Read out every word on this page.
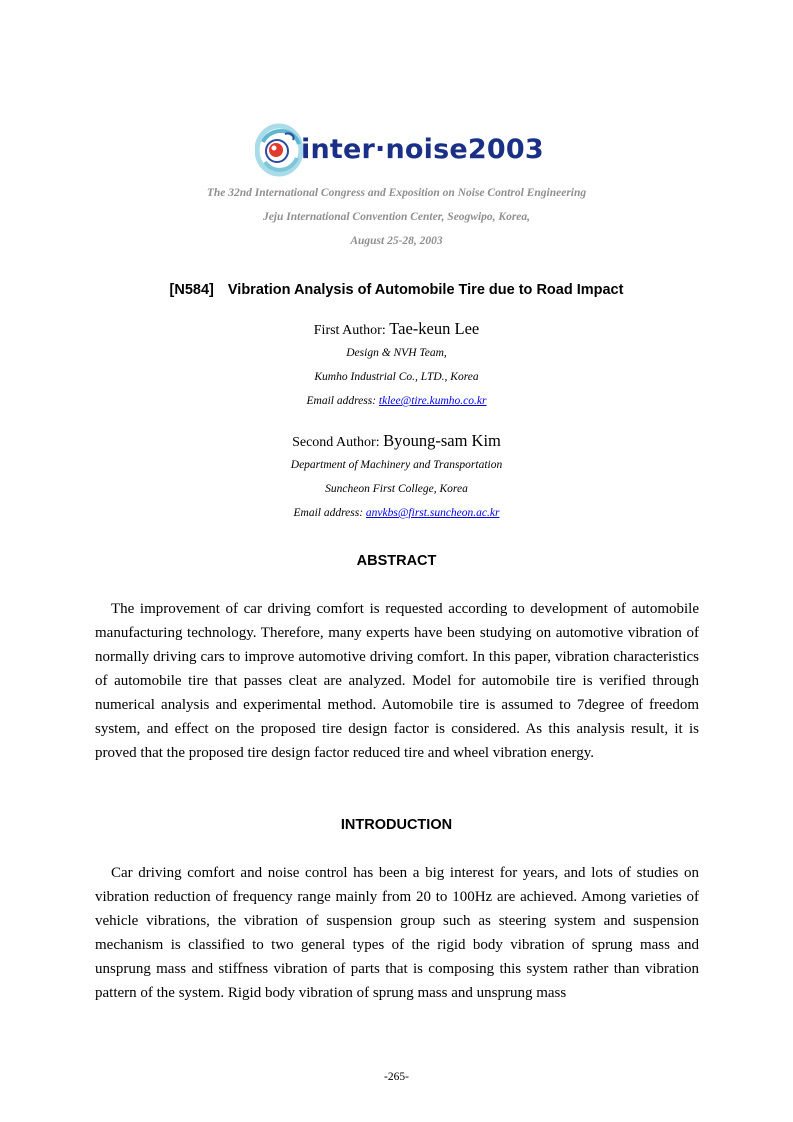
inter·noise2003
The 32nd International Congress and Exposition on Noise Control Engineering
Jeju International Convention Center, Seogwipo, Korea,
August 25-28, 2003
[N584] Vibration Analysis of Automobile Tire due to Road Impact
First Author: Tae-keun Lee
Design & NVH Team,
Kumho Industrial Co., LTD., Korea
Email address: tklee@tire.kumho.co.kr
Second Author: Byoung-sam Kim
Department of Machinery and Transportation
Suncheon First College, Korea
Email address: anvkbs@first.suncheon.ac.kr
ABSTRACT
The improvement of car driving comfort is requested according to development of automobile manufacturing technology. Therefore, many experts have been studying on automotive vibration of normally driving cars to improve automotive driving comfort. In this paper, vibration characteristics of automobile tire that passes cleat are analyzed. Model for automobile tire is verified through numerical analysis and experimental method. Automobile tire is assumed to 7degree of freedom system, and effect on the proposed tire design factor is considered. As this analysis result, it is proved that the proposed tire design factor reduced tire and wheel vibration energy.
INTRODUCTION
Car driving comfort and noise control has been a big interest for years, and lots of studies on vibration reduction of frequency range mainly from 20 to 100Hz are achieved. Among varieties of vehicle vibrations, the vibration of suspension group such as steering system and suspension mechanism is classified to two general types of the rigid body vibration of sprung mass and unsprung mass and stiffness vibration of parts that is composing this system rather than vibration pattern of the system. Rigid body vibration of sprung mass and unsprung mass
-265-
